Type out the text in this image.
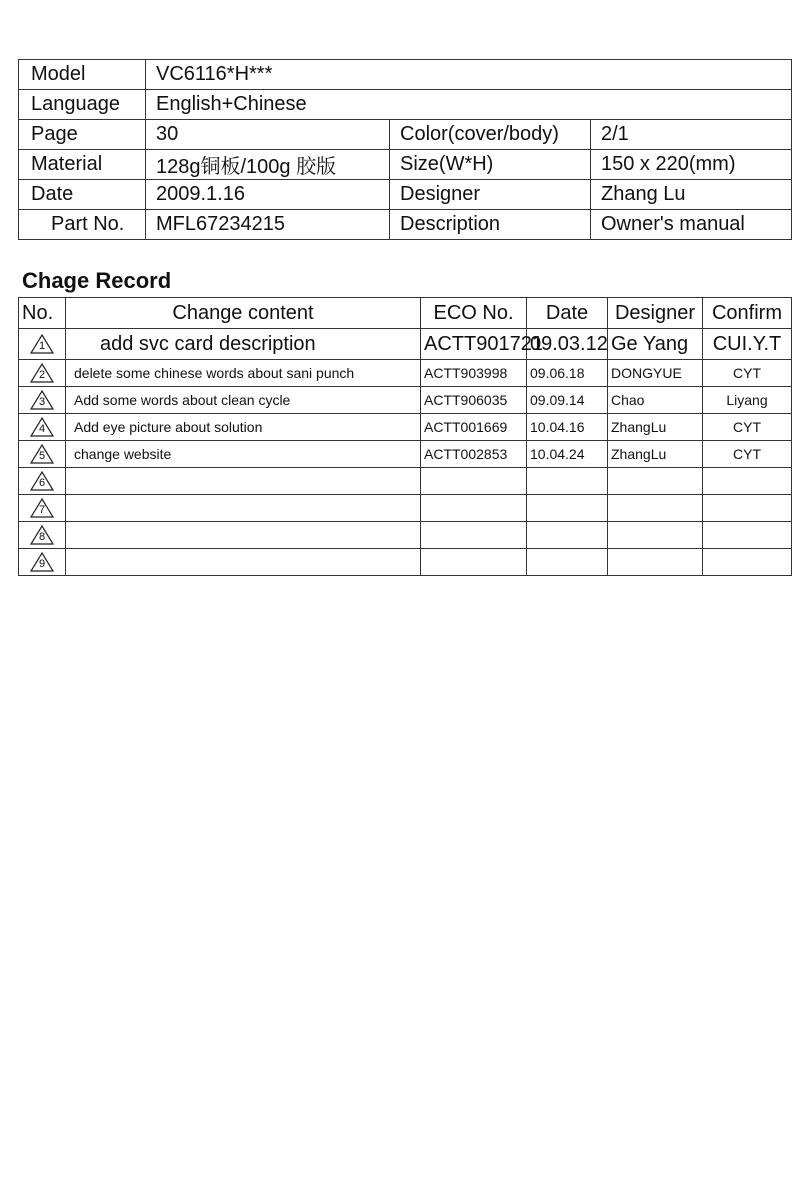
Model	VC6116*H***		
Language	English+Chinese		
Page	30	Color(cover/body)	2/1
Material	128g铜板/100g 胶版	Size(W*H)	150 x 220(mm)
Date	2009.1.16	Designer	Zhang Lu
Part No.	MFL67234215	Description	Owner's manual
Chage Record
No.	Change content	ECO No.	Date	Designer	Confirm

1	add svc card description	ACTT901721	09.03.12	Ge Yang	CUI.Y.T

2	delete some chinese words about sani punch	ACTT903998	09.06.18	DONGYUE	CYT

3	Add some words about clean cycle	ACTT906035	09.09.14	Chao	Liyang

4	Add eye picture about solution	ACTT001669	10.04.16	ZhangLu	CYT

5	change website	ACTT002853	10.04.24	ZhangLu	CYT

6					

7					

8					

9					
